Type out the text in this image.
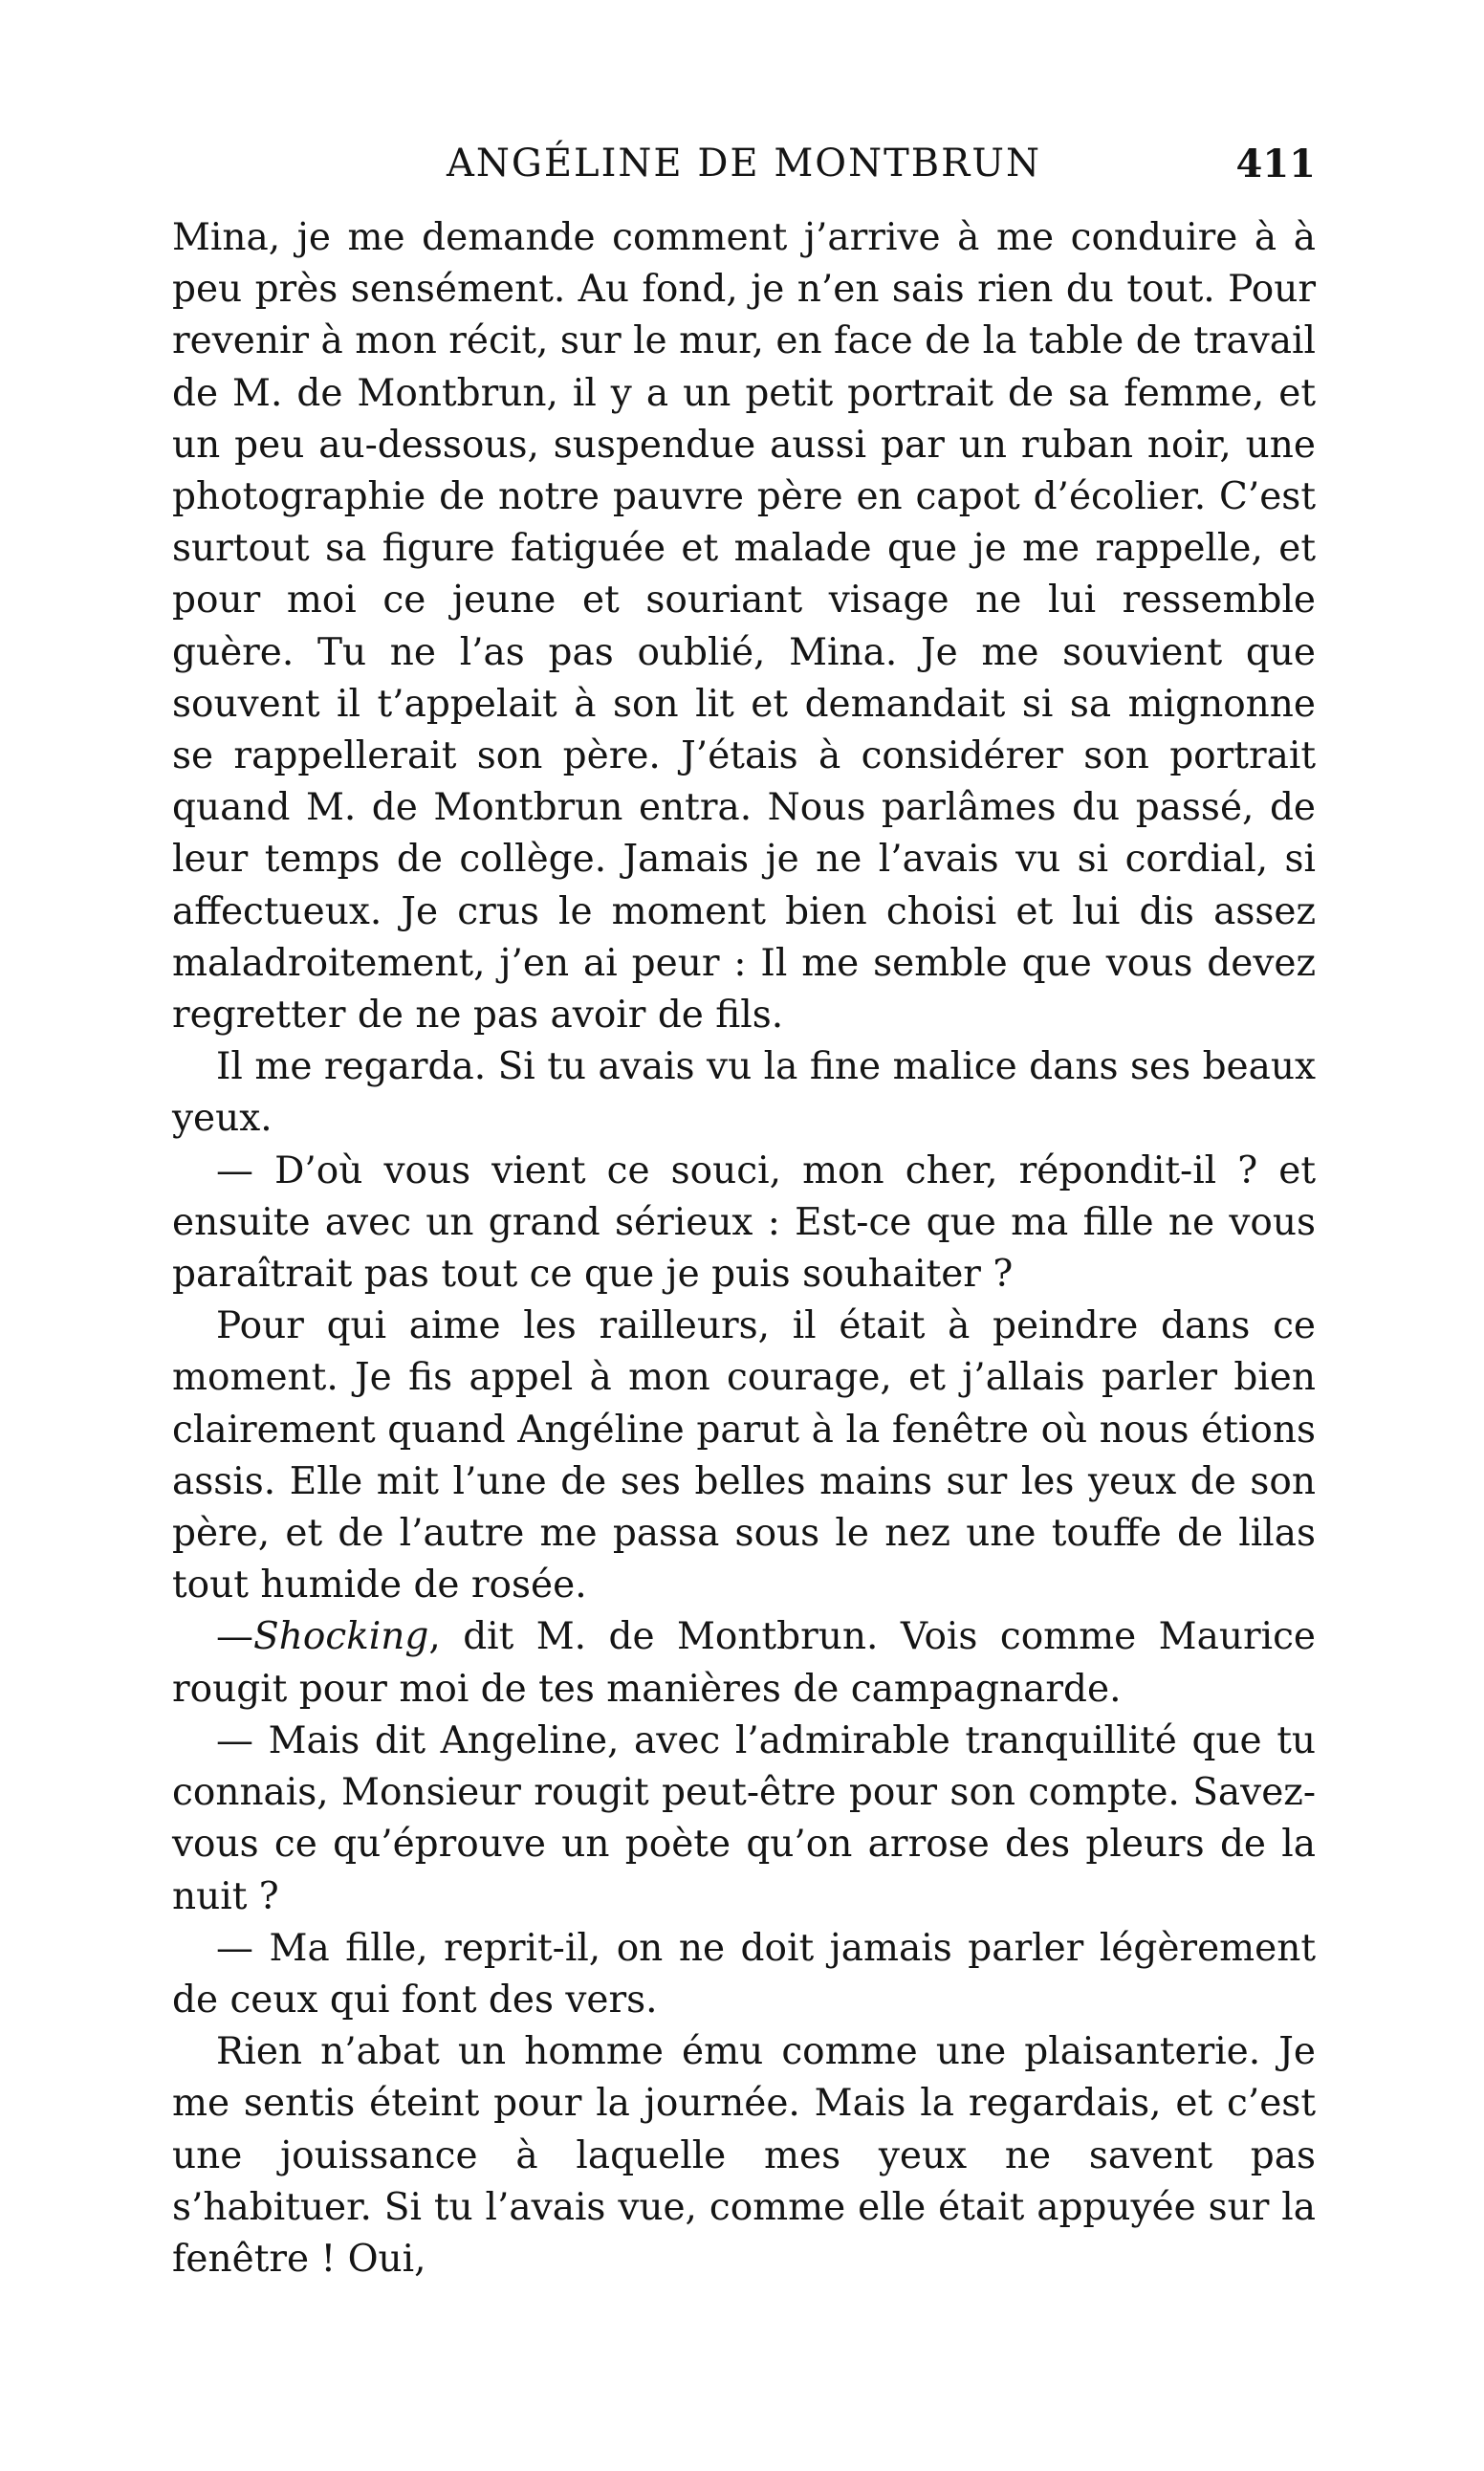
ANGÉLINE DE MONTBRUN	411

Mina, je me demande comment j’arrive à me conduire à à peu près sensément. Au fond, je n’en sais rien du tout. Pour revenir à mon récit, sur le mur, en face de la table de travail de M. de Montbrun, il y a un petit portrait de sa femme, et un peu au-dessous, suspendue aussi par un ruban noir, une photographie de notre pauvre père en capot d’écolier. C’est surtout sa figure fatiguée et malade que je me rappelle, et pour moi ce jeune et souriant visage ne lui ressemble guère. Tu ne l’as pas oublié, Mina. Je me souvient que souvent il t’appelait à son lit et demandait si sa mignonne se rappellerait son père. J’étais à considérer son portrait quand M. de Montbrun entra. Nous parlâmes du passé, de leur temps de collège. Jamais je ne l’avais vu si cordial, si affectueux. Je crus le moment bien choisi et lui dis assez maladroitement, j’en ai peur : Il me semble que vous devez regretter de ne pas avoir de fils.

Il me regarda. Si tu avais vu la fine malice dans ses beaux yeux.

— D’où vous vient ce souci, mon cher, répondit-il ? et ensuite avec un grand sérieux : Est-ce que ma fille ne vous paraîtrait pas tout ce que je puis souhaiter ?

Pour qui aime les railleurs, il était à peindre dans ce moment. Je fis appel à mon courage, et j’allais parler bien clairement quand Angéline parut à la fenêtre où nous étions assis. Elle mit l’une de ses belles mains sur les yeux de son père, et de l’autre me passa sous le nez une touffe de lilas tout humide de rosée.

—Shocking, dit M. de Montbrun. Vois comme Maurice rougit pour moi de tes manières de campagnarde.

— Mais dit Angeline, avec l’admirable tranquillité que tu connais, Monsieur rougit peut-être pour son compte. Savez-vous ce qu’éprouve un poète qu’on arrose des pleurs de la nuit ?

— Ma fille, reprit-il, on ne doit jamais parler légèrement de ceux qui font des vers.

Rien n’abat un homme ému comme une plaisanterie. Je me sentis éteint pour la journée. Mais la regardais, et c’est une jouissance à laquelle mes yeux ne savent pas s’habituer. Si tu l’avais vue, comme elle était appuyée sur la fenêtre ! Oui,
